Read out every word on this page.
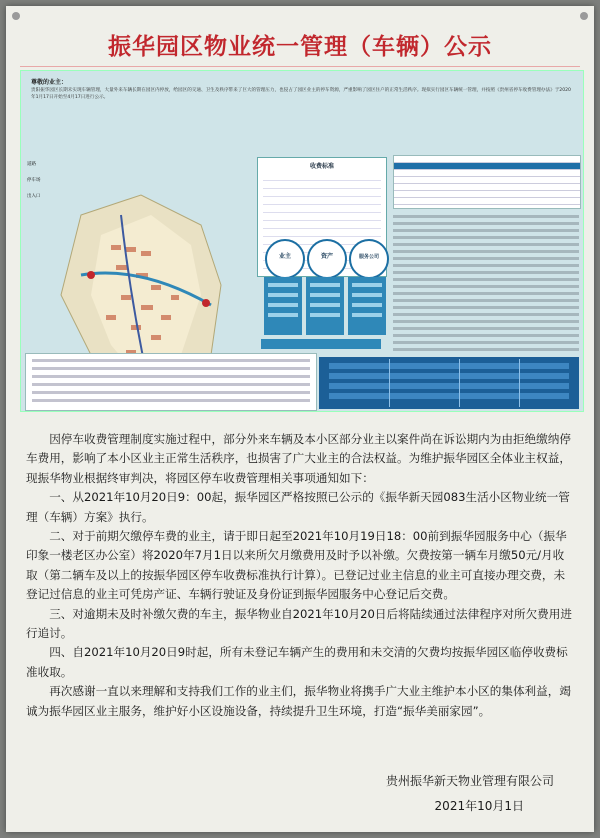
振华园区物业统一管理（车辆）公示
尊敬的业主：
贵阳振华园区长期未实现车辆管理，大量外来车辆长期在园区内停放，给园区的交通、卫生及秩序带来了巨大的管理压力，也侵占了园区业主的停车资源，严重影响了园区住户的正常生活秩序。现拟实行园区车辆统一管理，并按照《贵州省停车收费管理办法》于2020年1月17日开始至4月17日进行公示。
道路
停车场
出入口
收费标准
业主	资产	服务公司

因停车收费管理制度实施过程中，部分外来车辆及本小区部分业主以案件尚在诉讼期内为由拒绝缴纳停车费用，影响了本小区业主正常生活秩序，也损害了广大业主的合法权益。为维护振华园区全体业主权益，现振华物业根据终审判决，将园区停车收费管理相关事项通知如下：

一、从2021年10月20日9：00起，振华园区严格按照已公示的《振华新天园083生活小区物业统一管理（车辆）方案》执行。

二、对于前期欠缴停车费的业主，请于即日起至2021年10月19日18：00前到振华园服务中心（振华印象一楼老区办公室）将2020年7月1日以来所欠月缴费用及时予以补缴。欠费按第一辆车月缴50元/月收取（第二辆车及以上的按振华园区停车收费标准执行计算）。已登记过业主信息的业主可直接办理交费，未登记过信息的业主可凭房产证、车辆行驶证及身份证到振华园服务中心登记后交费。

三、对逾期未及时补缴欠费的车主，振华物业自2021年10月20日后将陆续通过法律程序对所欠费用进行追讨。

四、自2021年10月20日9时起，所有未登记车辆产生的费用和未交清的欠费均按振华园区临停收费标准收取。

再次感谢一直以来理解和支持我们工作的业主们，振华物业将携手广大业主维护本小区的集体利益，竭诚为振华园区业主服务，维护好小区设施设备，持续提升卫生环境，打造“振华美丽家园”。

贵州振华新天物业管理有限公司
2021年10月1日
